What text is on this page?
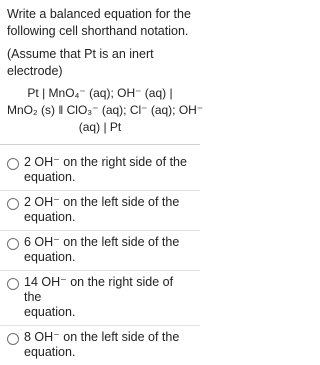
Write a balanced equation for the
following cell shorthand notation.
(Assume that Pt is an inert electrode)
Pt | MnO₄⁻ (aq); OH⁻ (aq) |
MnO₂ (s) ‖ ClO₃⁻ (aq); Cl⁻ (aq); OH⁻
(aq) | Pt
2 OH⁻ on the right side of the
equation.
2 OH⁻ on the left side of the
equation.
6 OH⁻ on the left side of the
equation.
14 OH⁻ on the right side of the
equation.
8 OH⁻ on the left side of the
equation.
